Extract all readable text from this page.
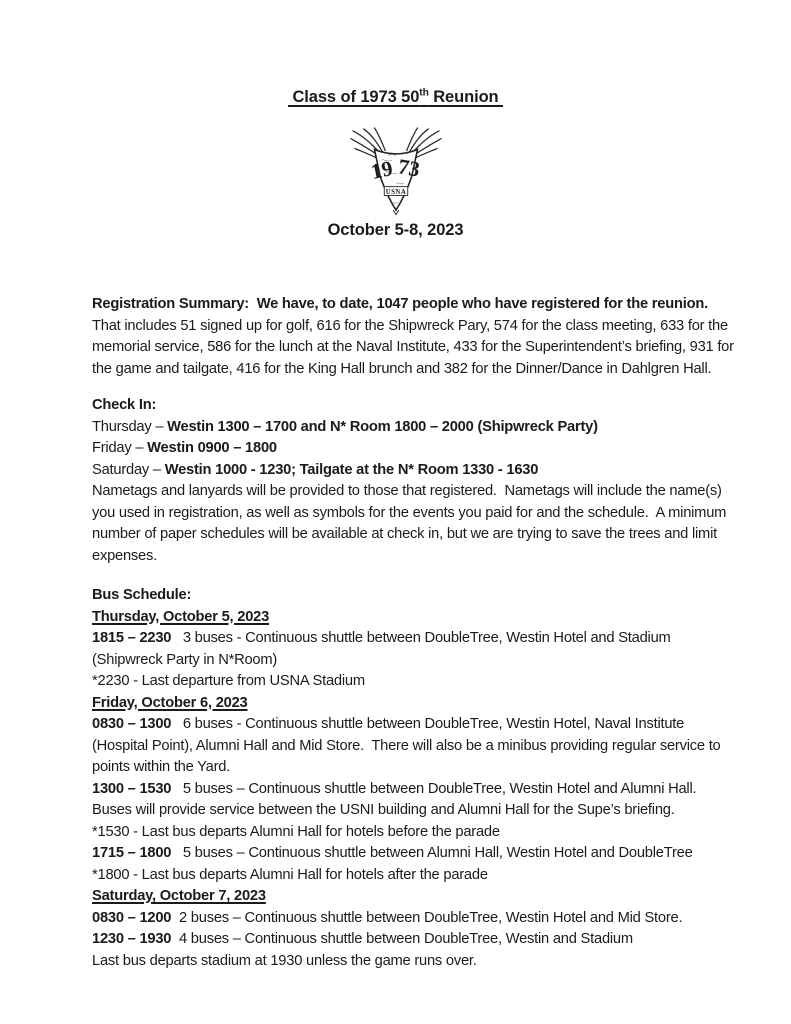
Class of 1973 50th Reunion
19 73
USNA
October 5-8, 2023

Registration Summary:  We have, to date, 1047 people who have registered for the reunion. That includes 51 signed up for golf, 616 for the Shipwreck Pary, 574 for the class meeting, 633 for the memorial service, 586 for the lunch at the Naval Institute, 433 for the Superintendent’s briefing, 931 for the game and tailgate, 416 for the King Hall brunch and 382 for the Dinner/Dance in Dahlgren Hall.

Check In:

Thursday – Westin 1300 – 1700 and N* Room 1800 – 2000 (Shipwreck Party)

Friday – Westin 0900 – 1800

Saturday – Westin 1000 - 1230; Tailgate at the N* Room 1330 - 1630

Nametags and lanyards will be provided to those that registered.  Nametags will include the name(s) you used in registration, as well as symbols for the events you paid for and the schedule.  A minimum number of paper schedules will be available at check in, but we are trying to save the trees and limit expenses.

Bus Schedule:

Thursday, October 5, 2023

1815 – 2230   3 buses - Continuous shuttle between DoubleTree, Westin Hotel and Stadium (Shipwreck Party in N*Room)

*2230 - Last departure from USNA Stadium

Friday, October 6, 2023

0830 – 1300   6 buses - Continuous shuttle between DoubleTree, Westin Hotel, Naval Institute (Hospital Point), Alumni Hall and Mid Store.  There will also be a minibus providing regular service to points within the Yard.

1300 – 1530   5 buses – Continuous shuttle between DoubleTree, Westin Hotel and Alumni Hall. Buses will provide service between the USNI building and Alumni Hall for the Supe’s briefing.

*1530 - Last bus departs Alumni Hall for hotels before the parade

1715 – 1800   5 buses – Continuous shuttle between Alumni Hall, Westin Hotel and DoubleTree

*1800 - Last bus departs Alumni Hall for hotels after the parade

Saturday, October 7, 2023

0830 – 1200  2 buses – Continuous shuttle between DoubleTree, Westin Hotel and Mid Store.

1230 – 1930  4 buses – Continuous shuttle between DoubleTree, Westin and Stadium

Last bus departs stadium at 1930 unless the game runs over.
